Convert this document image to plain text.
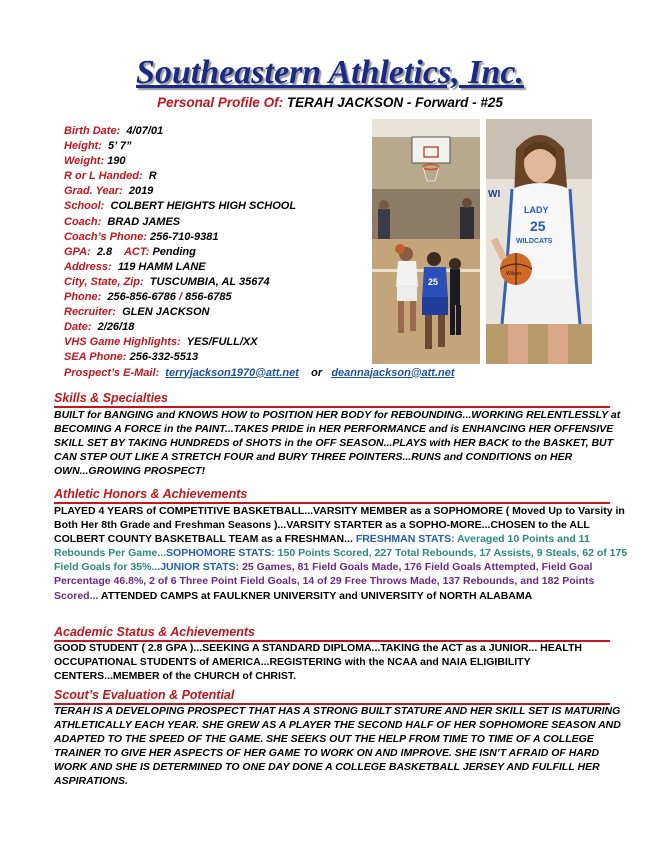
Southeastern Athletics, Inc.
Personal Profile Of: TERAH JACKSON - Forward - #25
Birth Date: 4/07/01
Height: 5’ 7”
Weight: 190
R or L Handed: R
Grad. Year: 2019
School: COLBERT HEIGHTS HIGH SCHOOL
Coach: BRAD JAMES
Coach’s Phone: 256-710-9381
GPA: 2.8 ACT: Pending
Address: 119 HAMM LANE
City, State, Zip: TUSCUMBIA, AL 35674
Phone: 256-856-6786 / 856-6785
Recruiter: GLEN JACKSON
Date: 2/26/18
VHS Game Highlights: YES/FULL/XX
SEA Phone: 256-332-5513
Prospect’s E-Mail: terryjackson1970@att.net or deannajackson@att.net
25
WI
LADY
25
WILDCATS
Wilson
Skills & Specialties
BUILT for BANGING and KNOWS HOW to POSITION HER BODY for REBOUNDING...WORKING RELENTLESSLY at BECOMING A FORCE in the PAINT...TAKES PRIDE in HER PERFORMANCE and is ENHANCING HER OFFENSIVE SKILL SET BY TAKING HUNDREDS of SHOTS in the OFF SEASON...PLAYS with HER BACK to the BASKET, BUT CAN STEP OUT LIKE A STRETCH FOUR and BURY THREE POINTERS...RUNS and CONDITIONS on HER OWN...GROWING PROSPECT!
Athletic Honors & Achievements
PLAYED 4 YEARS of COMPETITIVE BASKETBALL...VARSITY MEMBER as a SOPHOMORE ( Moved Up to Varsity in Both Her 8th Grade and Freshman Seasons )...VARSITY STARTER as a SOPHO-MORE...CHOSEN to the ALL COLBERT COUNTY BASKETBALL TEAM as a FRESHMAN... FRESHMAN STATS: Averaged 10 Points and 11 Rebounds Per Game...SOPHOMORE STATS: 150 Points Scored, 227 Total Rebounds, 17 Assists, 9 Steals, 62 of 175 Field Goals for 35%...JUNIOR STATS: 25 Games, 81 Field Goals Made, 176 Field Goals Attempted, Field Goal Percentage 46.8%, 2 of 6 Three Point Field Goals, 14 of 29 Free Throws Made, 137 Rebounds, and 182 Points Scored... ATTENDED CAMPS at FAULKNER UNIVERSITY and UNIVERSITY of NORTH ALABAMA
Academic Status & Achievements
GOOD STUDENT ( 2.8 GPA )...SEEKING A STANDARD DIPLOMA...TAKING the ACT as a JUNIOR... HEALTH OCCUPATIONAL STUDENTS of AMERICA...REGISTERING with the NCAA and NAIA ELIGIBILITY CENTERS...MEMBER of the CHURCH of CHRIST.
Scout’s Evaluation & Potential
TERAH IS A DEVELOPING PROSPECT THAT HAS A STRONG BUILT STATURE AND HER SKILL SET IS MATURING ATHLETICALLY EACH YEAR. SHE GREW AS A PLAYER THE SECOND HALF OF HER SOPHOMORE SEASON AND ADAPTED TO THE SPEED OF THE GAME. SHE SEEKS OUT THE HELP FROM TIME TO TIME OF A COLLEGE TRAINER TO GIVE HER ASPECTS OF HER GAME TO WORK ON AND IMPROVE. SHE ISN’T AFRAID OF HARD WORK AND SHE IS DETERMINED TO ONE DAY DONE A COLLEGE BASKETBALL JERSEY AND FULFILL HER ASPIRATIONS.
